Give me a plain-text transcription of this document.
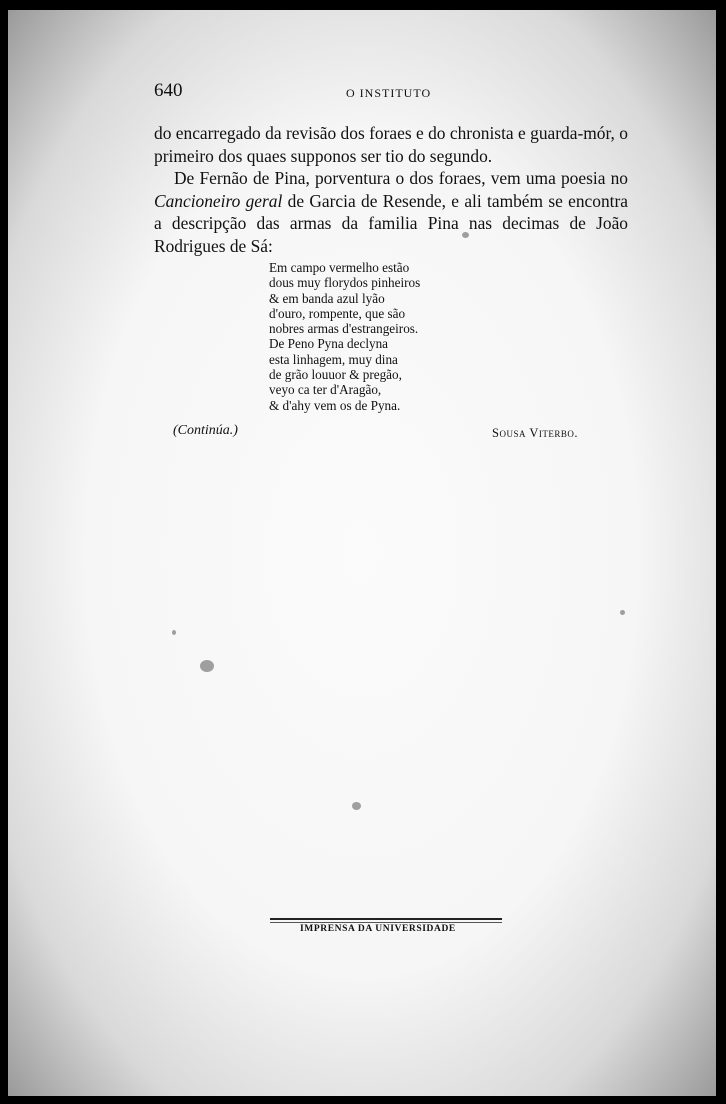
640	O INSTITUTO

do encarregado da revisão dos foraes e do chronista e guarda-mór, o primeiro dos quaes supponos ser tio do segundo.

De Fernão de Pina, porventura o dos foraes, vem uma poesia no Cancioneiro geral de Garcia de Resende, e ali também se encontra a descripção das armas da familia Pina nas decimas de João Rodrigues de Sá:

Em campo vermelho estão
dous muy florydos pinheiros
& em banda azul lyão
d'ouro, rompente, que são
nobres armas d'estrangeiros.
De Peno Pyna declyna
esta linhagem, muy dina
de grão louuor & pregão,
veyo ca ter d'Aragão,
& d'ahy vem os de Pyna.
(Continúa.)	Sousa Viterbo.
IMPRENSA DA UNIVERSIDADE
